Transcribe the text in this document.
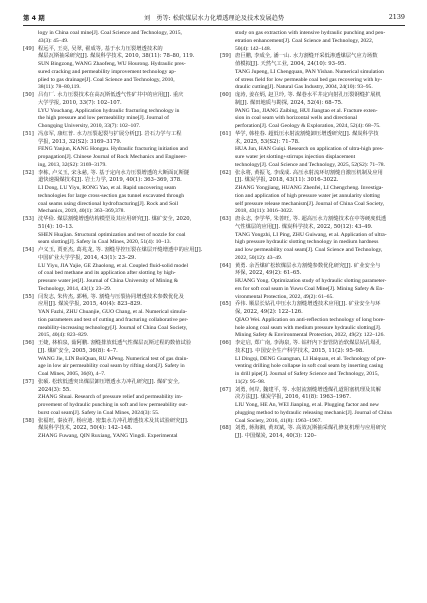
第 4 期	刘　勇等: 松软煤层水力化增透理论及技术发展趋势	2139
logy in China coal mine[J]. Coal Science and Technology, 2015,
43(3): 45–49.
[49] 程远平, 王亮, 吴翠, 翟成等, 基于水力压裂增透技术的
煤层瓦斯抽采研究[J]. 煤炭科学技术, 2010, 38(11): 78–80, 119.
SUN Bingzong, WANG Zhaofeng, WU Hourong. Hydraulic pres-
sured cracking and permeability improvement technology ap-
plied to gas drainage[J]. Coal Science and Technology, 2010,
38(11): 78–80,119.
[50] 吕有厂. 水力压裂技术在高瓦斯低透气性矿井中的应用[J]. 重庆
大学学报, 2010, 33(7): 102–107.
LYU Youchang. Application hydraulic fracturing technology in
the high pressure and low permeability mine[J]. Journal of
Chongqing University, 2010, 33(7): 102–107.
[51] 冯彦军, 康红普. 水力压裂起裂与扩展分析[J]. 岩石力学与工程
学报, 2013, 32(S2): 3169–3179.
FENG Yanjun, KANG Hongpu. Hydraulic fracturing initiation and
propagation[J]. Chinese Journal of Rock Mechanics and Engineer-
ing, 2013, 32(S2): 3169–3179.
[52] 李栋, 卢义玉, 宋永慈, 等. 基于定向水力压裂增透的大断面瓦斯隧
道快速揭煤技术[J]. 岩土力学, 2019, 40(1): 363–369, 378.
LI Dong, LU Yiyu, RONG Yao, et al. Rapid uncovering seam
technologies for large cross-section gas tunnel excavated through
coal seams using directional hydrofracturing[J]. Rock and Soil
Mechanics, 2019, 40(1): 363–369,378.
[53] 沈华俭. 煤层割缝增透结构模型及其应用研究[J]. 煤矿安全, 2020,
51(4): 10–13.
SHEN Huajian. Structural optimization and test of nozzle for coal
seam slotting[J]. Safety in Coal Mines, 2020, 51(4): 10–13.
[54] 卢义玉, 贾亚杰, 葛兆龙, 等. 割缝导控压裂在煤层开缝增透中的应用[J].
中国矿业大学学报, 2014, 43(1): 23–29.
LU Yiyu, JIA Yajie, GE Zhaolong, et al. Coupled fluid-solid model
of coal bed methane and its application after slotting by high-
pressure water jet[J]. Journal of China University of Mining &
Technology, 2014, 43(1): 23–29.
[55] 闫发志, 朱传杰, 郭畅, 等. 割缝与压裂协同增透技术参数优化及
应用[J]. 煤炭学报, 2015, 40(4): 823–829.
YAN Fazhi, ZHU Chuanjie, GUO Chang, et al. Numerical simula-
tion parameters and test of cutting and fracturing collaborative per-
meability-increasing technology[J]. Journal of China Coal Society,
2015, 40(4): 823–829.
[56] 王婕, 林柏泉, 茹阿鹏. 割缝排放低透气性煤层瓦斯过程的数值试验
[J]. 煤矿安全, 2005, 36(8): 4–7.
WANG Jie, LIN BoiQuan, RU APeng. Numerical test of gas drain-
age in low air permeability coal seam by rifting slots[J]. Safety in
Coal Mines, 2005, 36(8), 4–7.
[57] 张硕. 松软低透突出煤层卸压增透水力冲孔研究[J]. 煤矿安全,
2024(3): 55.
ZHANG Shuai. Research of pressure relief and permeability im-
provement of hydraulic punching in soft and low permeability out-
burst coal seam[J]. Safety in Coal Mines, 2024(3): 55.
[58] 张福旺, 秦汝祥, 杨应迪. 密集水力冲孔增透技术及其试验研究[J].
煤炭科学技术, 2022, 50(4): 142–148.
ZHANG Fuwang, QIN Ruxiang, YANG Yingdi. Experimental
study on gas extraction with intensive hydraulic punching and pen-
etration enhancement[J]. Coal Science and Technology, 2022,
50(4): 142–148.
[59] 唐巨鹏, 李成全, 潘一山. 水力割缝开采低渗透煤层气应力场数
值模拟[J]. 天然气工业, 2004, 24(10): 93–95.
TANG Jupeng, LI Chengquan, PAN Yishan. Numerical simulation
of stress field for low permeable coal bed gas recovering with hy-
draulic cutting[J]. Natural Gas Industry, 2004, 24(10): 93–95.
[60] 庞涛, 姜在炳, 赵卫玲, 等. 煤巷水平井定向射孔压裂钢缝扩展机
制[J]. 煤田地质与勘探, 2024, 52(4): 68–75.
PANG Tao, JIANG Zaibing, HUI Jiangtao et al. Fracture exten-
sion in coal seam with horizontal wells and directional
perforation[J]. Coal Geology & Exploration, 2024, 52(4): 68–75.
[61] 华学, 韩桂春. 超低压水射流割缝卸压增透研究[J]. 煤炭科学技
术, 2025, 53(S2): 71–78.
HUA Jun, HAN Guiqi. Research on application of ultra-high pres-
sure water jet slotting+stirrups injection displacement
technology[J]. Coal Science and Technology, 2025, 52(S2): 71–78.
[62] 张永将, 黄振飞, 李成成. 高压水射流环切割缝自激压机制及应用
[J]. 煤炭学报, 2018, 43(11): 3016–3022.
ZHANG Yongjiang, HUANG Zhenfei, LI Chengcheng. Investiga-
tion and application of high pressure water jet annularity slotting
self pressure release mechanism[J]. Journal of China Coal Society,
2018, 43(11): 3016–3022.
[63] 唐永志, 李学华, 朱善旺, 等. 超高压水力割缝技术在中等硬度低透
气性煤层的应用[J]. 煤炭科学技术, 2022, 50(12): 43–49.
TANG Yongzhi, LI Ping, ZHU Guiwang, et al. Application of ultra-
high pressure hydraulic slotting technology in medium hardness
and low permeability coal seam[J]. Coal Science and Technology,
2022, 50(12): 43–49.
[64] 黄勇. 余吾煤矿松软煤层水力割缝参数优化研究[J]. 矿业安全与
环保, 2022, 49(2): 61–65.
HUANG Yong. Optimization study of hydraulic slotting parameter-
ers for soft coal seam in Yuwu Coal Mine[J]. Mining Safety & En-
vironmental Protection, 2022, 49(2): 61–65.
[65] 乔伟. 顺层长钻孔中压水力割缝增透技术应用[J]. 矿业安全与环
保, 2022, 49(2): 122–126.
QIAO Wei. Application on anti-reflection technology of long bore-
hole along coal seam with medium pressure hydraulic slotting[J].
Mining Safety & Environmental Protection, 2022, 49(2): 122–126.
[66] 李定启, 郑广南, 李海泉, 等. 钻杆内下套管防治软煤层钻孔塌孔
技术[J]. 中国安全生产科学技术, 2015, 11(2): 95–98.
LI Dingqi, DENG Guangnan, LI Haiquan, et al. Technology of pre-
venting drilling hole collapse in soft coal seam by inserting casing
in drill pipe[J]. Journal of Safety Science and Technology, 2015,
11(2): 95–98.
[67] 刘勇, 何岸, 魏建平, 等. 水射流割缝增透煤孔道阻塞机理及其解
决方法[J]. 煤炭学报, 2016, 41(8): 1963–1967.
LIU Yong, HE An, WEI Jianping, et al. Plugging factor and new
plugging method to hydraulic releasing mechanic[J]. Journal of China
Coal Society, 2016, 41(8): 1963–1967.
[68] 刘勇, 蒋海湘, 黄双斌, 等. 高效瓦斯抽采煤孔修复机理与应用研究
[J]. 中国煤炭, 2014, 40(3): 120–
